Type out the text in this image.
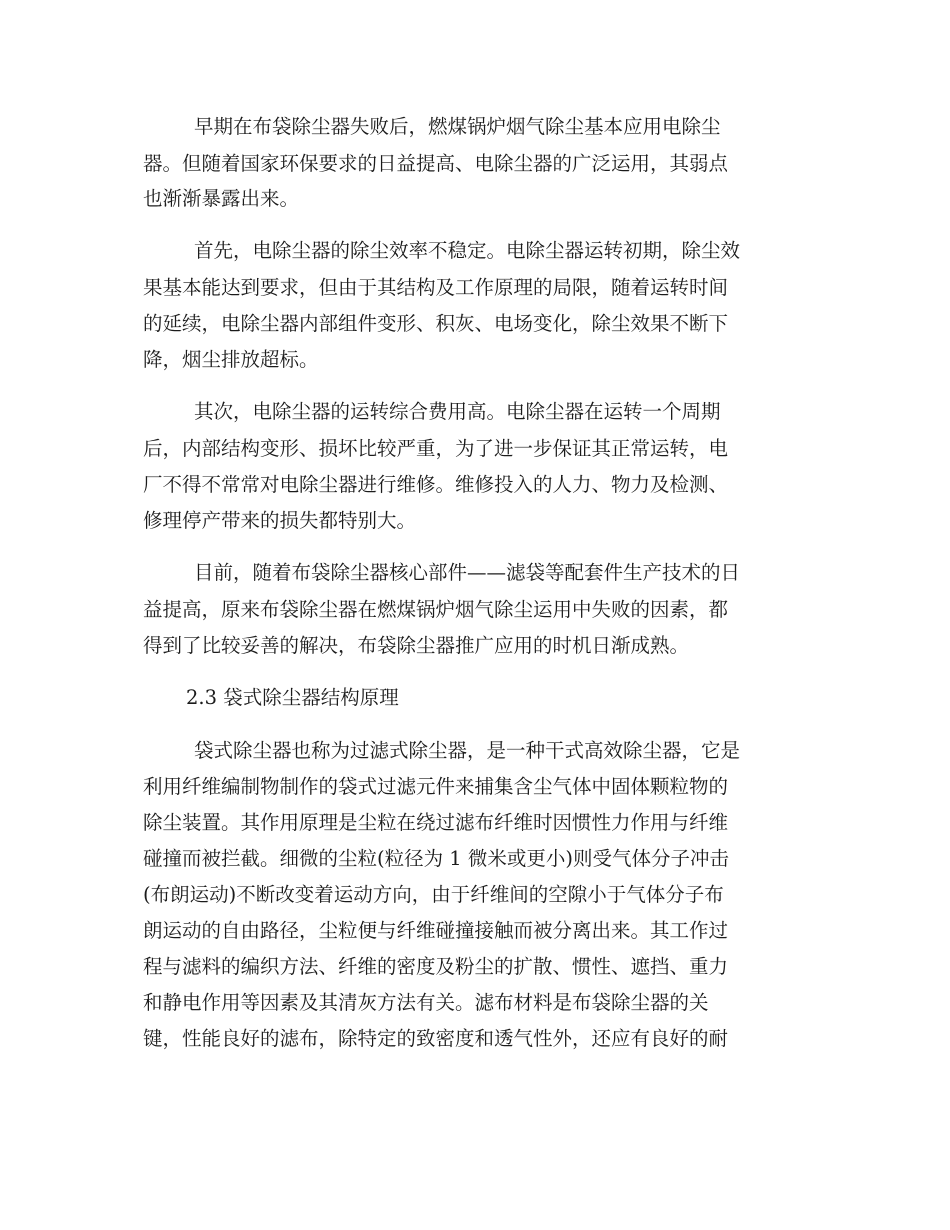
早期在布袋除尘器失败后，燃煤锅炉烟气除尘基本应用电除尘
器。但随着国家环保要求的日益提高、电除尘器的广泛运用，其弱点
也渐渐暴露出来。
首先，电除尘器的除尘效率不稳定。电除尘器运转初期，除尘效
果基本能达到要求，但由于其结构及工作原理的局限，随着运转时间
的延续，电除尘器内部组件变形、积灰、电场变化，除尘效果不断下
降，烟尘排放超标。
其次，电除尘器的运转综合费用高。电除尘器在运转一个周期
后，内部结构变形、损坏比较严重，为了进一步保证其正常运转，电
厂不得不常常对电除尘器进行维修。维修投入的人力、物力及检测、
修理停产带来的损失都特别大。
目前，随着布袋除尘器核心部件——滤袋等配套件生产技术的日
益提高，原来布袋除尘器在燃煤锅炉烟气除尘运用中失败的因素，都
得到了比较妥善的解决，布袋除尘器推广应用的时机日渐成熟。
2.3 袋式除尘器结构原理
袋式除尘器也称为过滤式除尘器，是一种干式高效除尘器，它是
利用纤维编制物制作的袋式过滤元件来捕集含尘气体中固体颗粒物的
除尘装置。其作用原理是尘粒在绕过滤布纤维时因惯性力作用与纤维
碰撞而被拦截。细微的尘粒(粒径为 1 微米或更小)则受气体分子冲击
(布朗运动)不断改变着运动方向，由于纤维间的空隙小于气体分子布
朗运动的自由路径，尘粒便与纤维碰撞接触而被分离出来。其工作过
程与滤料的编织方法、纤维的密度及粉尘的扩散、惯性、遮挡、重力
和静电作用等因素及其清灰方法有关。滤布材料是布袋除尘器的关
键，性能良好的滤布，除特定的致密度和透气性外，还应有良好的耐
